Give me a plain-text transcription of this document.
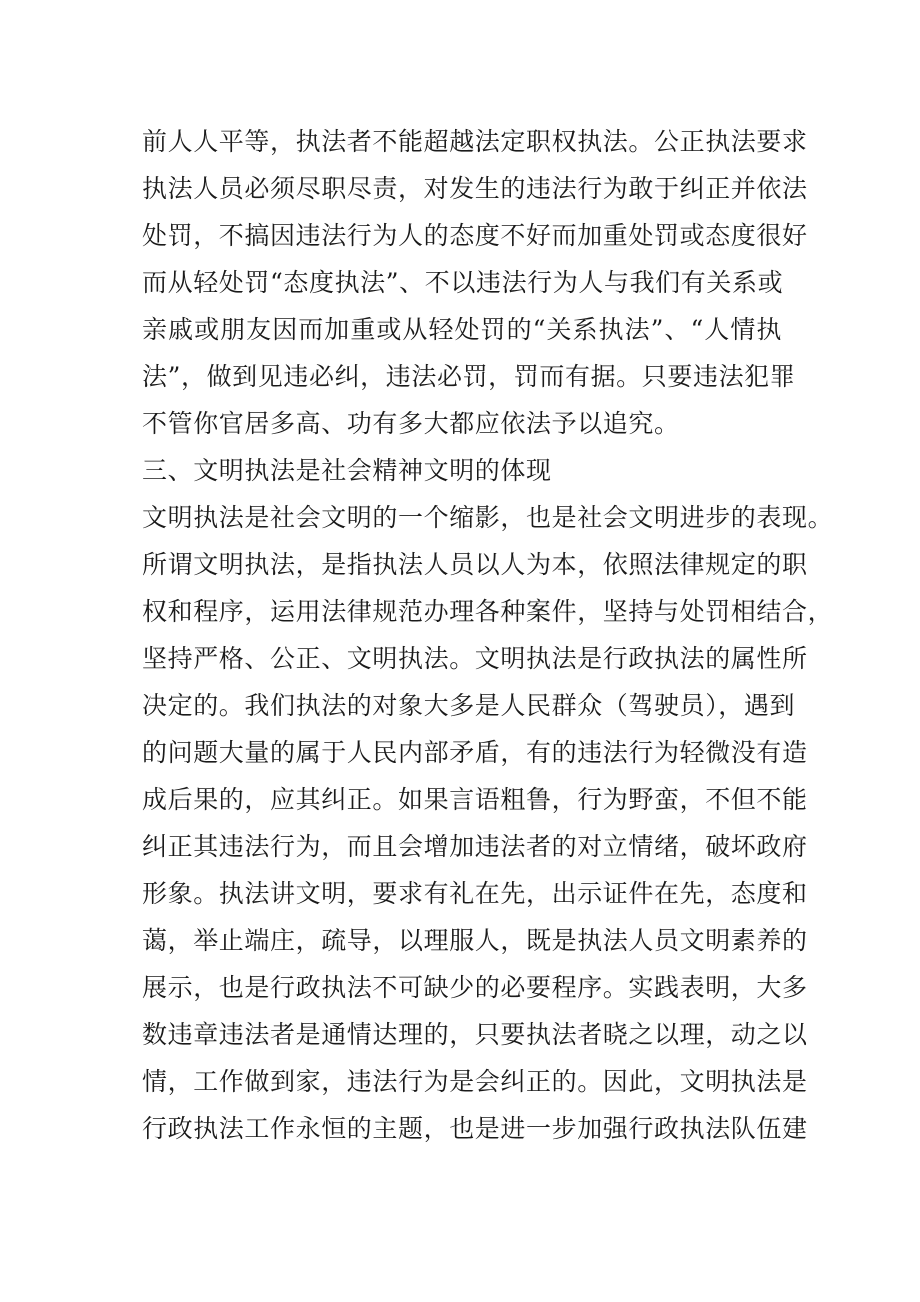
前人人平等，执法者不能超越法定职权执法。公正执法要求
执法人员必须尽职尽责，对发生的违法行为敢于纠正并依法
处罚，不搞因违法行为人的态度不好而加重处罚或态度很好
而从轻处罚“态度执法”、不以违法行为人与我们有关系或
亲戚或朋友因而加重或从轻处罚的“关系执法”、“人情执
法”，做到见违必纠，违法必罚，罚而有据。只要违法犯罪
不管你官居多高、功有多大都应依法予以追究。
三、文明执法是社会精神文明的体现
文明执法是社会文明的一个缩影，也是社会文明进步的表现。
所谓文明执法，是指执法人员以人为本，依照法律规定的职
权和程序，运用法律规范办理各种案件，坚持与处罚相结合，
坚持严格、公正、文明执法。文明执法是行政执法的属性所
决定的。我们执法的对象大多是人民群众（驾驶员），遇到
的问题大量的属于人民内部矛盾，有的违法行为轻微没有造
成后果的，应其纠正。如果言语粗鲁，行为野蛮，不但不能
纠正其违法行为，而且会增加违法者的对立情绪，破坏政府
形象。执法讲文明，要求有礼在先，出示证件在先，态度和
蔼，举止端庄，疏导，以理服人，既是执法人员文明素养的
展示，也是行政执法不可缺少的必要程序。实践表明，大多
数违章违法者是通情达理的，只要执法者晓之以理，动之以
情，工作做到家，违法行为是会纠正的。因此，文明执法是
行政执法工作永恒的主题，也是进一步加强行政执法队伍建
